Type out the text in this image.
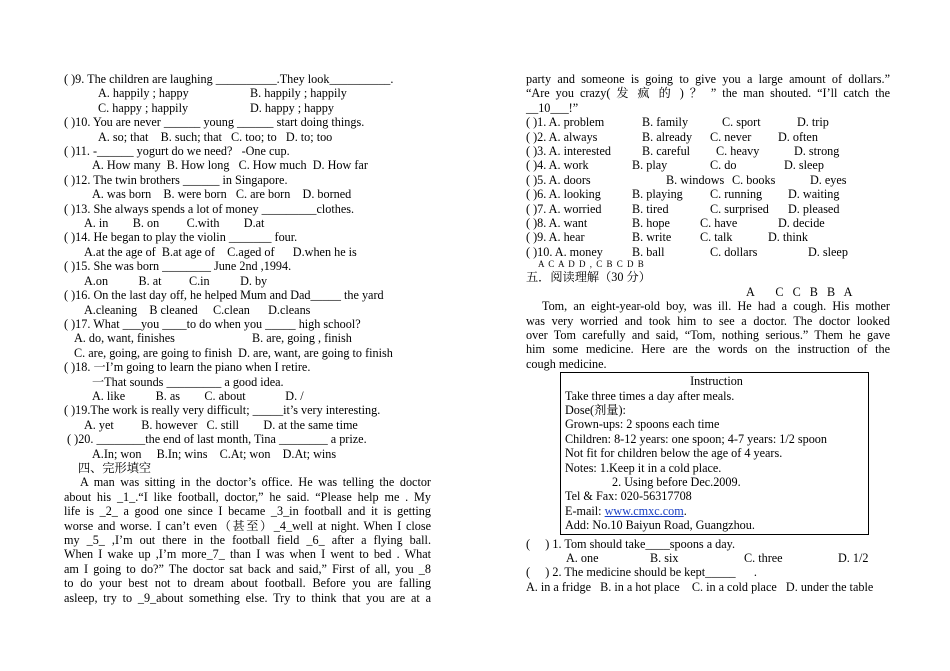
( )9. The children are laughing __________.They look__________.
A. happily ; happy	B. happily ; happily
C. happy ; happily	D. happy ; happy
( )10. You are never ______ young ______ start doing things.
A. so; that    B. such; that   C. too; to   D. to; too
( )11. -______ yogurt do we need?   -One cup.
A. How many  B. How long   C. How much  D. How far
( )12. The twin brothers ______ in Singapore.
A. was born    B. were born   C. are born    D. borned
( )13. She always spends a lot of money _________clothes.
A. in        B. on         C.with        D.at
( )14. He began to play the violin _______ four.
A.at the age of  B.at age of    C.aged of      D.when he is
( )15. She was born ________ June 2nd ,1994.
A.on          B. at         C.in          D. by
( )16. On the last day off, he helped Mum and Dad_____ the yard
A.cleaning    B cleaned     C.clean      D.cleans
( )17. What ___you ____to do when you _____ high school?
A. do, want, finishes	B. are, going , finish
C. are, going, are going to finish  D. are, want, are going to finish
( )18. 一I’m going to learn the piano when I retire.
一That sounds _________ a good idea.
A. like          B. as        C. about             D. /
( )19.The work is really very difficult; _____it’s very interesting.
A. yet         B. however   C. still        D. at the same time
( )20. ________the end of last month, Tina ________ a prize.
A.In; won     B.In; wins    C.At; won    D.At; wins
四、完形填空
A man was sitting in the doctor’s office. He was telling the doctor
about his _1_.“I like football, doctor,” he said. “Please help me . My
life is _2_ a good one since I became _3_in football and it is getting
worse and worse. I can’t even（甚至）_4_well at night. When I close
my _5_ ,I’m out there in the football field _6_ after a flying ball.
When I wake up ,I’m more_7_ than I was when I went to bed . What
am I going to do?” The doctor sat back and said,” First of all, you _8
to do your best not to dream about football. Before you are falling
asleep, try to _9_about something else. Try to think that you are at a
party and someone is going to give you a large amount of dollars.”
“Are you crazy( 发 疯 的 ) ？ ” the man shouted. “I’ll catch the
__10___!”
( )1. A. problem	B. family	C. sport	D. trip
( )2. A. always	B. already C. never D. often
( )3. A. interested	B. careful C. heavy	D. strong
( )4. A. work	B. play	C. do	D. sleep
( )5. A. doors	B. windows C. books	D. eyes
( )6. A. looking	B. playing C. running D. waiting
( )7. A. worried	B. tired	C. surprised D. pleased
( )8. A. want	B. hope C. have	D. decide
( )9. A. hear	B. write C. talk	D. think
( )10. A. money B. ball	C. dollars	D. sleep
A C A D D , C B C D B
五．阅读理解（30 分）
A     C  C  B  B  A
Tom, an eight-year-old boy, was ill. He had a cough. His mother
was very worried and took him to see a doctor. The doctor looked
over Tom carefully and said, “Tom, nothing serious.” Them he gave
him some medicine. Here are the words on the instruction of the
cough medicine.
Instruction
Take three times a day after meals.
Dose(剂量):
Grown-ups: 2 spoons each time
Children: 8-12 years: one spoon; 4-7 years: 1/2 spoon
Not fit for children below the age of 4 years.
Notes: 1.Keep it in a cold place.
2. Using before Dec.2009.
Tel & Fax: 020-56317708
E-mail: www.cmxc.com.
Add: No.10 Baiyun Road, Guangzhou.
(     ) 1. Tom should take____spoons a day.
A. one	B. six	C. three	D. 1/2
(     ) 2. The medicine should be kept_____      .
A. in a fridge   B. in a hot place    C. in a cold place   D. under the table
